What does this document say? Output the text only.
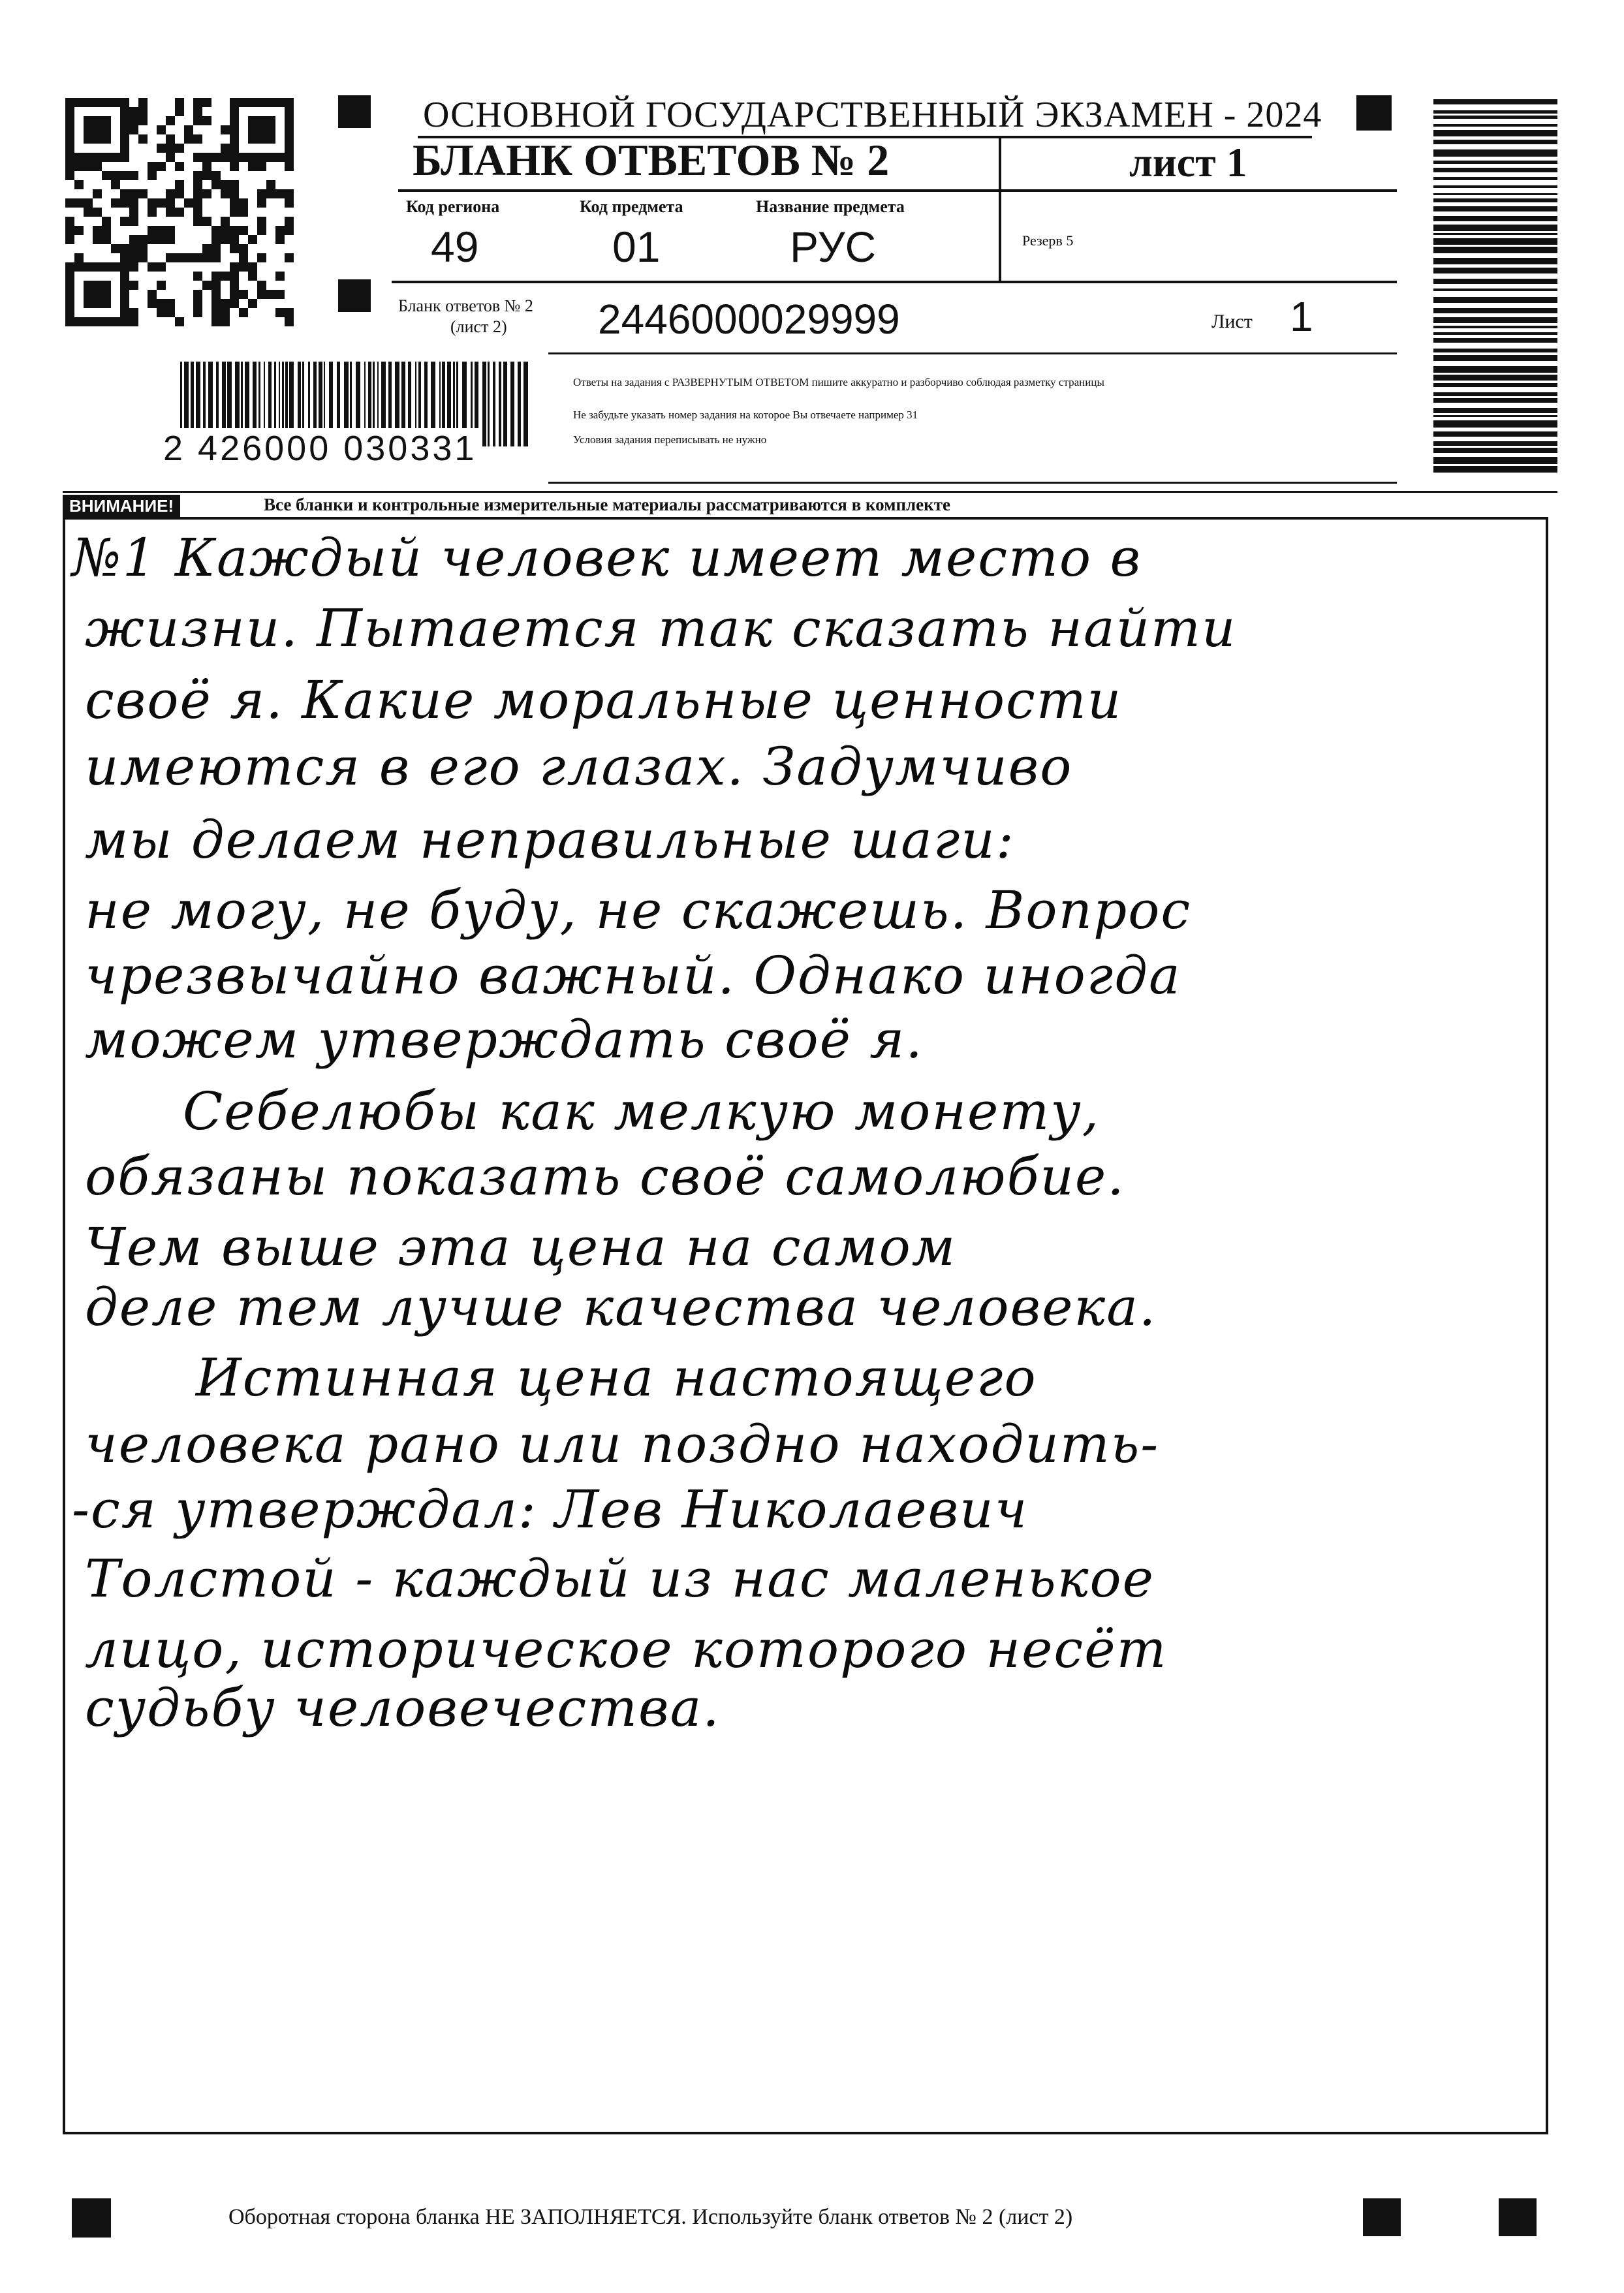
ОСНОВНОЙ ГОСУДАРСТВЕННЫЙ ЭКЗАМЕН - 2024
БЛАНК ОТВЕТОВ № 2	лист 1
Код региона
49
Код предмета
01
Название предмета
РУС	Резерв 5
Бланк ответов № 2
(лист 2) 2446000029999	Лист 1
Ответы на задания с РАЗВЕРНУТЫМ ОТВЕТОМ пишите аккуратно и разборчиво соблюдая разметку страницы
Не забудьте указать номер задания на которое Вы отвечаете например 31
Условия задания переписывать не нужно
2 426000 030331
ВНИМАНИЕ!	Все бланки и контрольные измерительные материалы рассматриваются в комплекте
№1 Каждый человек имеет место в
жизни. Пытается так сказать найти
своё я. Какие моральные ценности
имеются в его глазах. Задумчиво
мы делаем неправильные шаги:
не могу, не буду, не скажешь. Вопрос
чрезвычайно важный. Однако иногда
можем утверждать своё я.
Себелюбы как мелкую монету,
обязаны показать своё самолюбие.
Чем выше эта цена на самом
деле тем лучше качества человека.
Истинная цена настоящего
человека рано или поздно находить-
-ся утверждал: Лев Николаевич
Толстой - каждый из нас маленькое
лицо, историческое которого несёт
судьбу человечества.
Оборотная сторона бланка НЕ ЗАПОЛНЯЕТСЯ. Используйте бланк ответов № 2 (лист 2)
